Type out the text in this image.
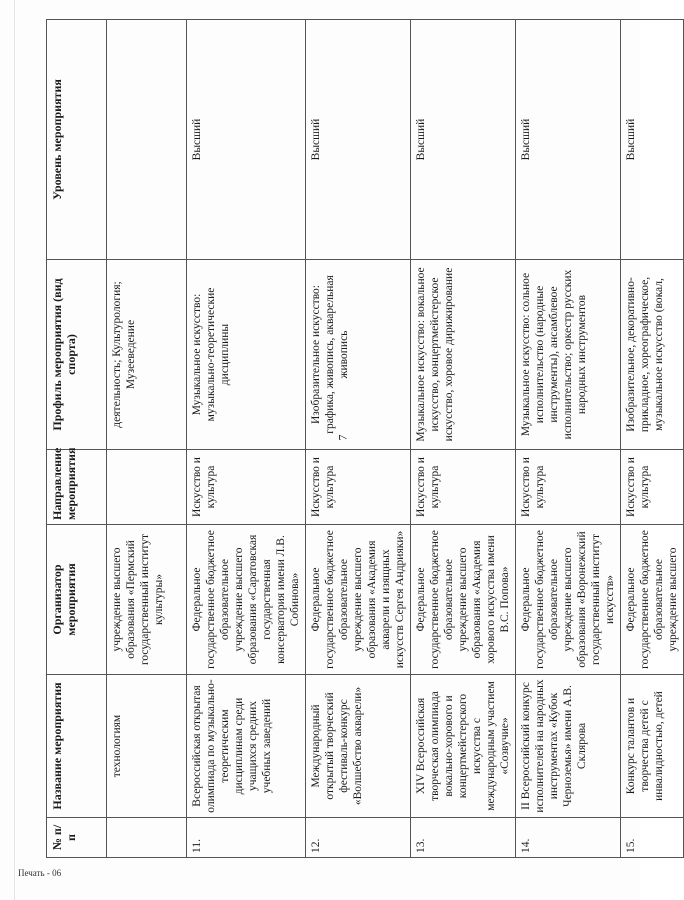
7
№ п/п	Название мероприятия	Организатор мероприятия	Направление мероприятия	Профиль мероприятия (вид спорта)	Уровень мероприятия
	технологиям	учреждение высшего образования «Пермский государственный институт культуры»		деятельность; Культурология; Музееведение	
11.	Всероссийская открытая олимпиада по музыкально-теоретическим дисциплинам среди учащихся средних учебных заведений	Федеральное государственное бюджетное образовательное учреждение высшего образования «Саратовская государственная консерватория имени Л.В. Собинова»	Искусство и культура	Музыкальное искусство: музыкально-теоретические дисциплины	Высший
12.	Международный открытый творческий фестиваль-конкурс «Волшебство акварели»	Федеральное государственное бюджетное образовательное учреждение высшего образования «Академия акварели и изящных искусств Сергея Андрияки»	Искусство и культура	Изобразительное искусство: графика, живопись, акварельная живопись	Высший
13.	XIV Всероссийская творческая олимпиада вокально-хорового и концертмейстерского искусства с международным участием «Созвучие»	Федеральное государственное бюджетное образовательное учреждение высшего образования «Академия хорового искусства имени В.С. Попова»	Искусство и культура	Музыкальное искусство: вокальное искусство, концертмейстерское искусство, хоровое дирижирование	Высший
14.	II Всероссийский конкурс исполнителей на народных инструментах «Кубок Черноземья» имени А.В. Склярова	Федеральное государственное бюджетное образовательное учреждение высшего образования «Воронежский государственный институт искусств»	Искусство и культура	Музыкальное искусство: сольное исполнительство (народные инструменты), ансамблевое исполнительство; оркестр русских народных инструментов	Высший
15.	Конкурс талантов и творчества детей с инвалидностью, детей	Федеральное государственное бюджетное образовательное учреждение высшего	Искусство и культура	Изобразительное, декоративно-прикладное, хореографическое, музыкальное искусство (вокал,	Высший
Печать - 06
